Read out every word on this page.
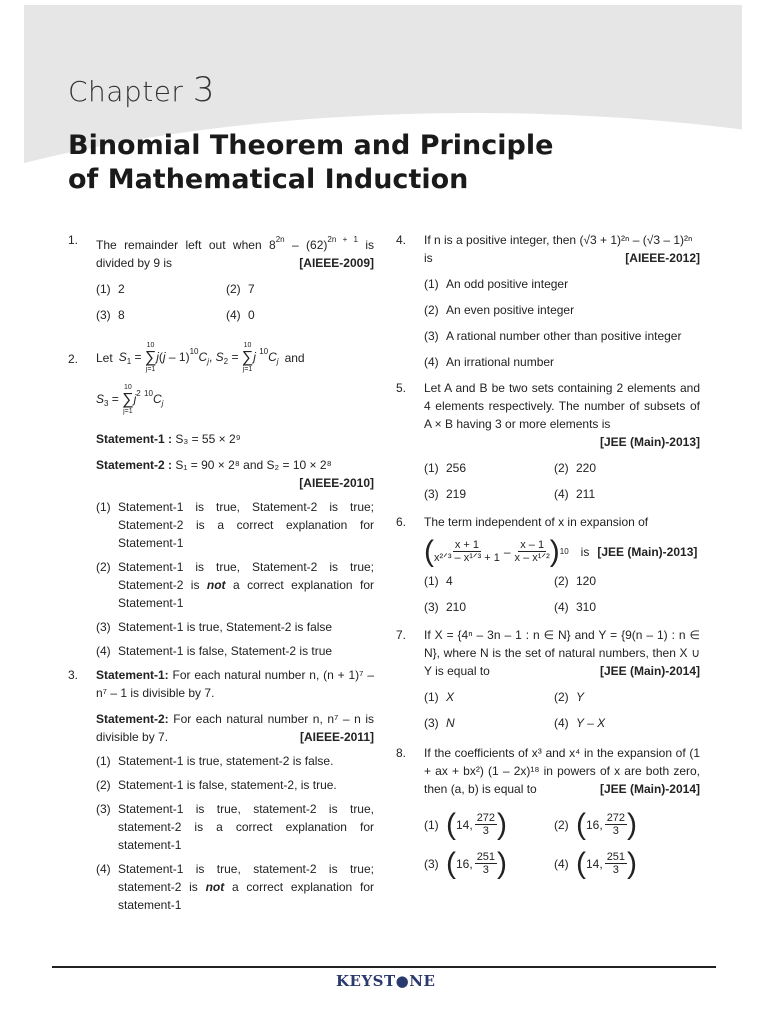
Chapter 3
Binomial Theorem and Principle
of Mathematical Induction
1. The remainder left out when $8^{2n} - (62)^{2n + 1}$ is divided by 9 is	[AIEEE-2009]
(1) 2	(2) 7
(3) 8	(4) 0
2. Let $S_1$ =
10
∑
j=1
$j(j - 1)^{10}C_j$, $S_2$ =
10
∑
j=1
j $^{10}C_j$ and
$S_3$ =
10
∑
j=1
$j^2$ $^{10}C_j$
Statement-1 : S₃ = 55 × 2⁹
Statement-2 : S₁ = 90 × 2⁸ and S₂ = 10 × 2⁸
[AIEEE-2010]
(1) Statement-1 is true, Statement-2 is true; Statement-2 is a correct explanation for Statement-1
(2) Statement-1 is true, Statement-2 is true; Statement-2 is not a correct explanation for Statement-1
(3) Statement-1 is true, Statement-2 is false
(4) Statement-1 is false, Statement-2 is true
3. Statement-1: For each natural number n, (n + 1)⁷ – n⁷ – 1 is divisible by 7.
Statement-2: For each natural number n, n⁷ – n is divisible by 7.	[AIEEE-2011]
(1) Statement-1 is true, statement-2 is false.
(2) Statement-1 is false, statement-2, is true.
(3) Statement-1 is true, statement-2 is true, statement-2 is a correct explanation for statement-1
(4) Statement-1 is true, statement-2 is true; statement-2 is not a correct explanation for statement-1
4. If n is a positive integer, then (√3 + 1)²ⁿ – (√3 – 1)²ⁿ
is	[AIEEE-2012]
(1) An odd positive integer
(2) An even positive integer
(3) A rational number other than positive integer
(4) An irrational number
5. Let A and B be two sets containing 2 elements and 4 elements respectively. The number of subsets of A × B having 3 or more elements is
[JEE (Main)-2013]
(1) 256	(2) 220
(3) 219	(4) 211
6. The term independent of x in expansion of
( $\frac{x + 1}{\text{x²ᐟ³ – x¹ᐟ³ + 1}} - \frac{x - 1}{\text{x – x¹ᐟ²}}$ ) 10 is [JEE (Main)-2013]
(1) 4	(2) 120
(3) 210	(4) 310
7. If X = {4ⁿ – 3n – 1 : n ∈ N} and Y = {9(n – 1) : n ∈ N}, where N is the set of natural numbers, then X ∪ Y is equal to	[JEE (Main)-2014]
(1) X	(2) Y
(3) N	(4) Y – X
8. If the coefficients of x³ and x⁴ in the expansion of (1 + ax + bx²) (1 – 2x)¹⁸ in powers of x are both zero, then (a, b) is equal to	[JEE (Main)-2014]
(1) ( 14, $\frac{272}{3}$ )	(2) ( 16, $\frac{272}{3}$ )
(3) ( 16, $\frac{251}{3}$ )	(4) ( 14, $\frac{251}{3}$ )
KEYST●NE
